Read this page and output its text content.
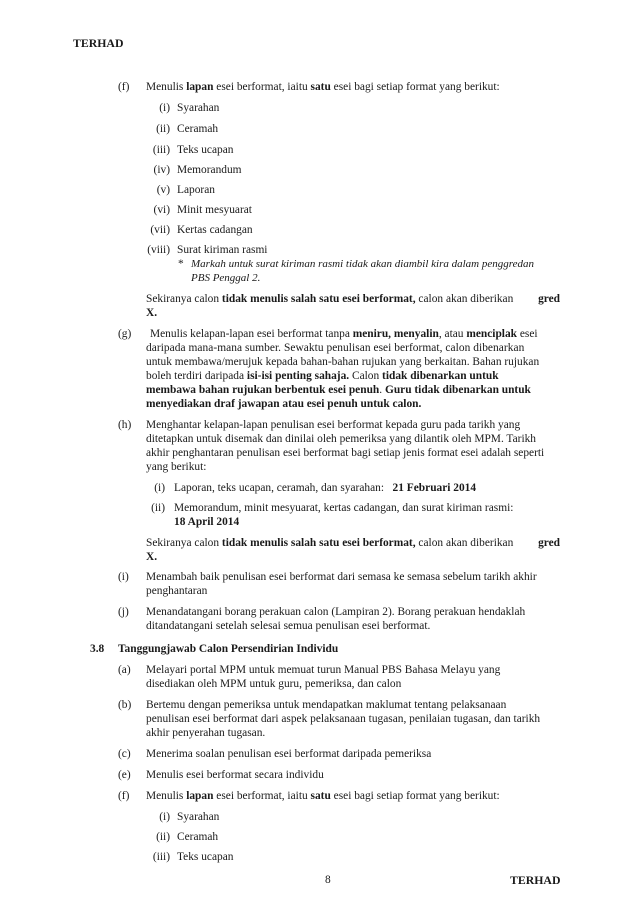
TERHAD
(f) Menulis lapan esei berformat, iaitu satu esei bagi setiap format yang berikut:
(i) Syarahan
(ii) Ceramah
(iii) Teks ucapan
(iv) Memorandum
(v) Laporan
(vi) Minit mesyuarat
(vii) Kertas cadangan
(viii) Surat kiriman rasmi
* Markah untuk surat kiriman rasmi tidak akan diambil kira dalam penggredan
PBS Penggal 2.
Sekiranya calon tidak menulis salah satu esei berformat, calon akan diberikan gred
X.
(g) Menulis kelapan-lapan esei berformat tanpa meniru, menyalin, atau menciplak esei
daripada mana-mana sumber. Sewaktu penulisan esei berformat, calon dibenarkan
untuk membawa/merujuk kepada bahan-bahan rujukan yang berkaitan. Bahan rujukan
boleh terdiri daripada isi-isi penting sahaja. Calon tidak dibenarkan untuk
membawa bahan rujukan berbentuk esei penuh. Guru tidak dibenarkan untuk
menyediakan draf jawapan atau esei penuh untuk calon.
(h) Menghantar kelapan-lapan penulisan esei berformat kepada guru pada tarikh yang
ditetapkan untuk disemak dan dinilai oleh pemeriksa yang dilantik oleh MPM. Tarikh
akhir penghantaran penulisan esei berformat bagi setiap jenis format esei adalah seperti
yang berikut:
(i) Laporan, teks ucapan, ceramah, dan syarahan: 21 Februari 2014
(ii) Memorandum, minit mesyuarat, kertas cadangan, dan surat kiriman rasmi:
18 April 2014
Sekiranya calon tidak menulis salah satu esei berformat, calon akan diberikan gred
X.
(i) Menambah baik penulisan esei berformat dari semasa ke semasa sebelum tarikh akhir
penghantaran
(j) Menandatangani borang perakuan calon (Lampiran 2). Borang perakuan hendaklah
ditandatangani setelah selesai semua penulisan esei berformat.
3.8 Tanggungjawab Calon Persendirian Individu
(a) Melayari portal MPM untuk memuat turun Manual PBS Bahasa Melayu yang
disediakan oleh MPM untuk guru, pemeriksa, dan calon
(b) Bertemu dengan pemeriksa untuk mendapatkan maklumat tentang pelaksanaan
penulisan esei berformat dari aspek pelaksanaan tugasan, penilaian tugasan, dan tarikh
akhir penyerahan tugasan.
(c) Menerima soalan penulisan esei berformat daripada pemeriksa
(e) Menulis esei berformat secara individu
(f) Menulis lapan esei berformat, iaitu satu esei bagi setiap format yang berikut:
(i) Syarahan
(ii) Ceramah
(iii) Teks ucapan
8	TERHAD
